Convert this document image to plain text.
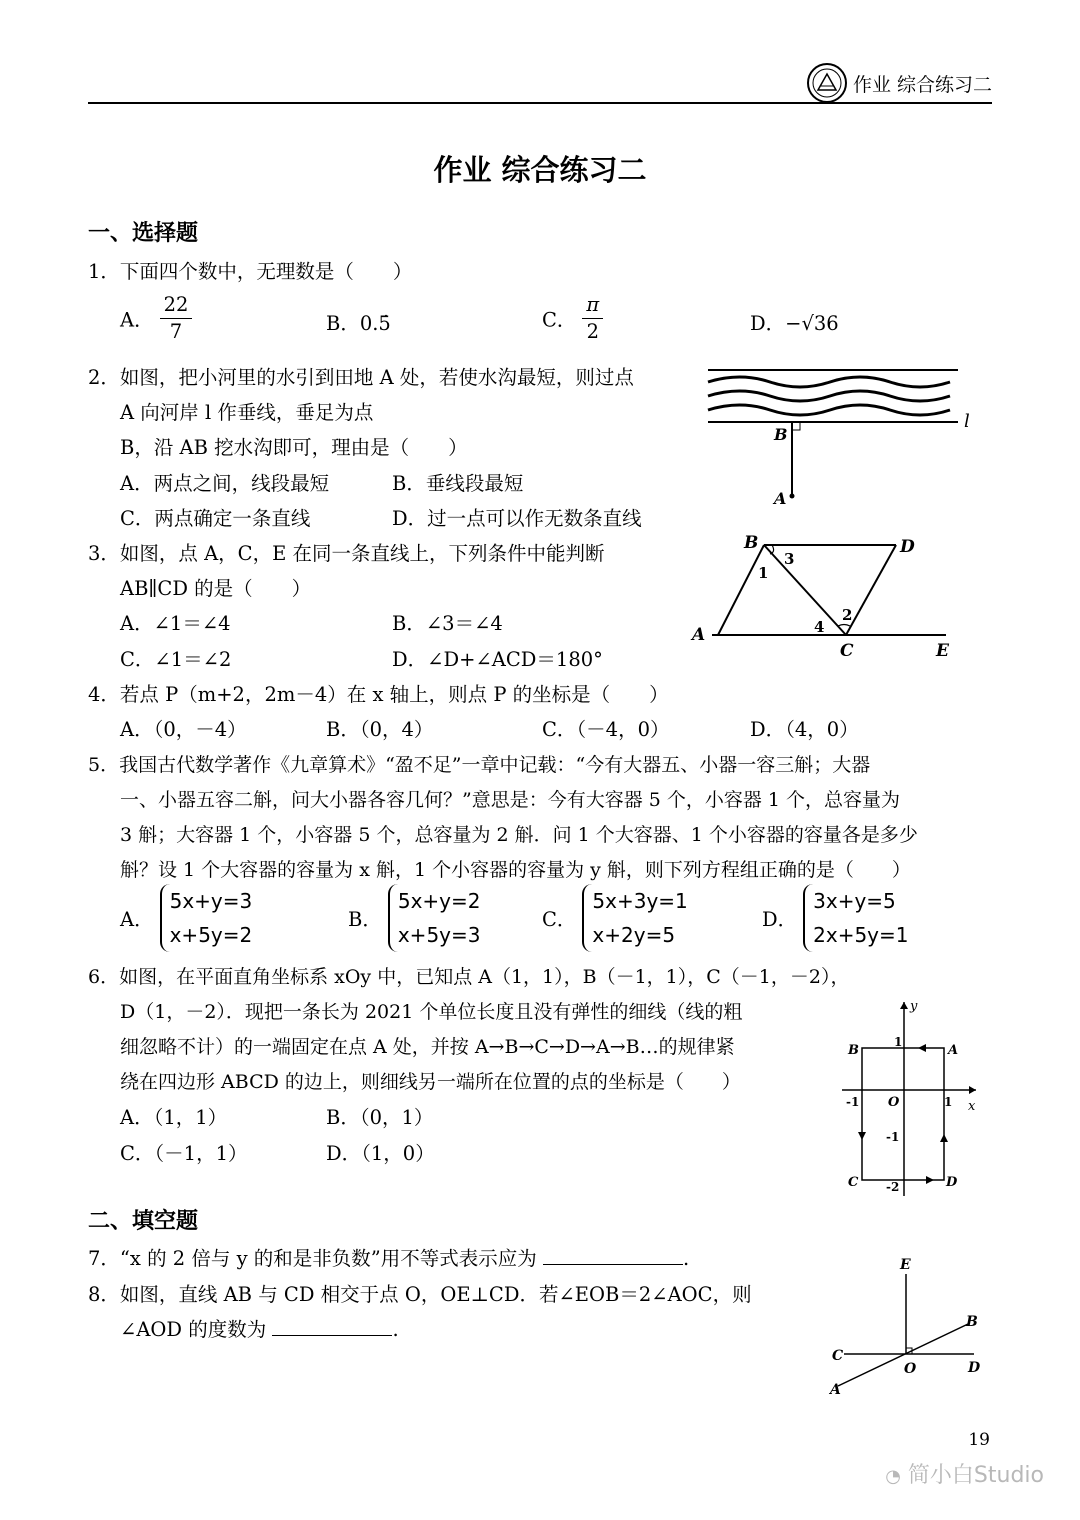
作业 综合练习二
作业 综合练习二
一、选择题
1．下面四个数中，无理数是（　　）
A． $\frac{22}{7}$	B．0.5̇	C． $\frac{\pi}{2}$	D．−√36
2．如图，把小河里的水引到田地 A 处，若使水沟最短，则过点
A 向河岸 l 作垂线，垂足为点
B，沿 AB 挖水沟即可，理由是（　　）
A．两点之间，线段最短	B．垂线段最短
C．两点确定一条直线	D．过一点可以作无数条直线
B
A
l
3．如图，点 A，C，E 在同一条直线上，下列条件中能判断
AB∥CD 的是（　　）
A．∠1＝∠4	B．∠3＝∠4
C．∠1＝∠2	D．∠D+∠ACD＝180°
B	D
A
C	E
1
3
2
4
4．若点 P（m+2，2m－4）在 x 轴上，则点 P 的坐标是（　　）
A．（0，－4）	B．（0，4）	C．（－4，0）	D．（4，0）
5．我国古代数学著作《九章算术》“盈不足”一章中记载：“今有大器五、小器一容三斛；大器
一、小器五容二斛，问大小器各容几何？”意思是：今有大容器 5 个，小容器 1 个，总容量为
3 斛；大容器 1 个，小容器 5 个，总容量为 2 斛．问 1 个大容器、1 个小容器的容量各是多少
斛？设 1 个大容器的容量为 x 斛，1 个小容器的容量为 y 斛，则下列方程组正确的是（　　）
A．
5x+y=3
x+5y=2
B．
5x+y=2
x+5y=3
C．
5x+3y=1
x+2y=5
D．
3x+y=5
2x+5y=1
6．如图，在平面直角坐标系 xOy 中，已知点 A（1，1），B（－1，1），C（－1，－2），
D（1，－2）．现把一条长为 2021 个单位长度且没有弹性的细线（线的粗
细忽略不计）的一端固定在点 A 处，并按 A→B→C→D→A→B…的规律紧
绕在四边形 ABCD 的边上，则细线另一端所在位置的点的坐标是（　　）
A．（1，1）	B．（0，1）
C．（－1，1）	D．（1，0）
y
x
O
A
B
C	D
1
-1
-2
1
-1
二、填空题
7．“x 的 2 倍与 y 的和是非负数”用不等式表示应为	.
8．如图，直线 AB 与 CD 相交于点 O，OE⊥CD．若∠EOB＝2∠AOC，则
∠AOD 的度数为	.
E
B
C
O	D
A
19
◔ 简小白Studio
